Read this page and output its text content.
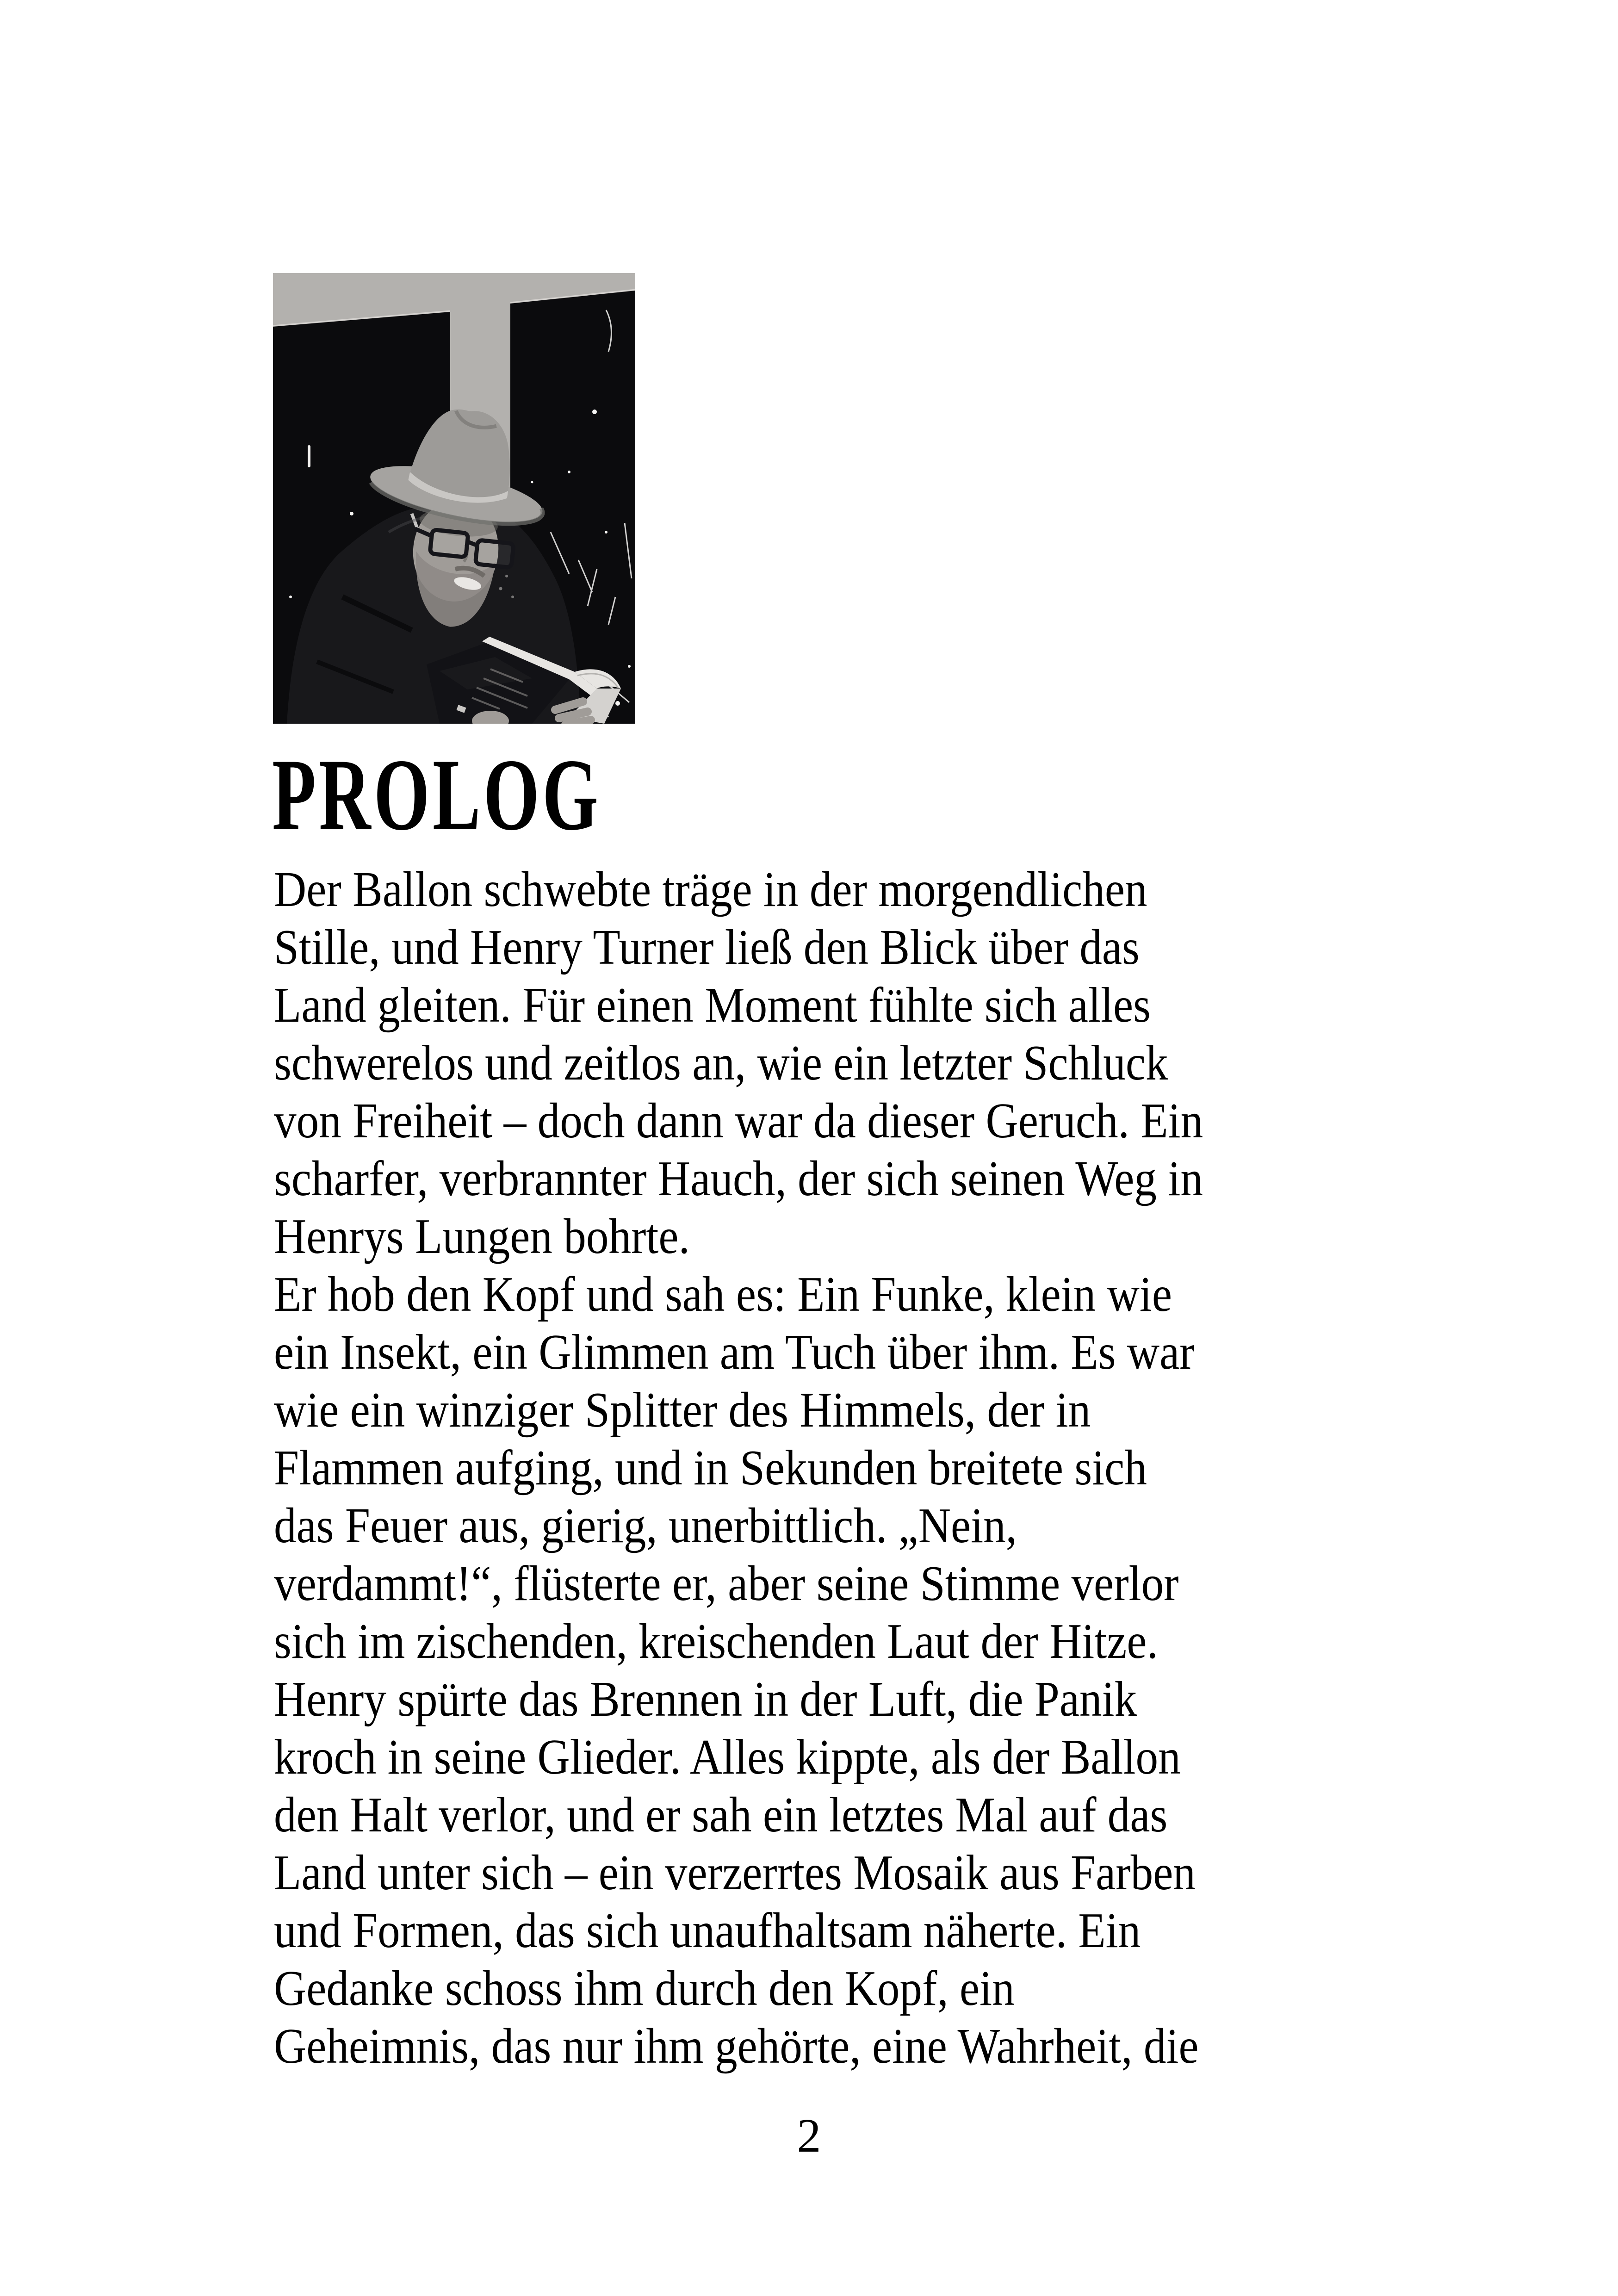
PROLOG
Der Ballon schwebte träge in der morgendlichen
Stille, und Henry Turner ließ den Blick über das
Land gleiten. Für einen Moment fühlte sich alles
schwerelos und zeitlos an, wie ein letzter Schluck
von Freiheit – doch dann war da dieser Geruch. Ein
scharfer, verbrannter Hauch, der sich seinen Weg in
Henrys Lungen bohrte.
Er hob den Kopf und sah es: Ein Funke, klein wie
ein Insekt, ein Glimmen am Tuch über ihm. Es war
wie ein winziger Splitter des Himmels, der in
Flammen aufging, und in Sekunden breitete sich
das Feuer aus, gierig, unerbittlich. „Nein,
verdammt!“, flüsterte er, aber seine Stimme verlor
sich im zischenden, kreischenden Laut der Hitze.
Henry spürte das Brennen in der Luft, die Panik
kroch in seine Glieder. Alles kippte, als der Ballon
den Halt verlor, und er sah ein letztes Mal auf das
Land unter sich – ein verzerrtes Mosaik aus Farben
und Formen, das sich unaufhaltsam näherte. Ein
Gedanke schoss ihm durch den Kopf, ein
Geheimnis, das nur ihm gehörte, eine Wahrheit, die
2
